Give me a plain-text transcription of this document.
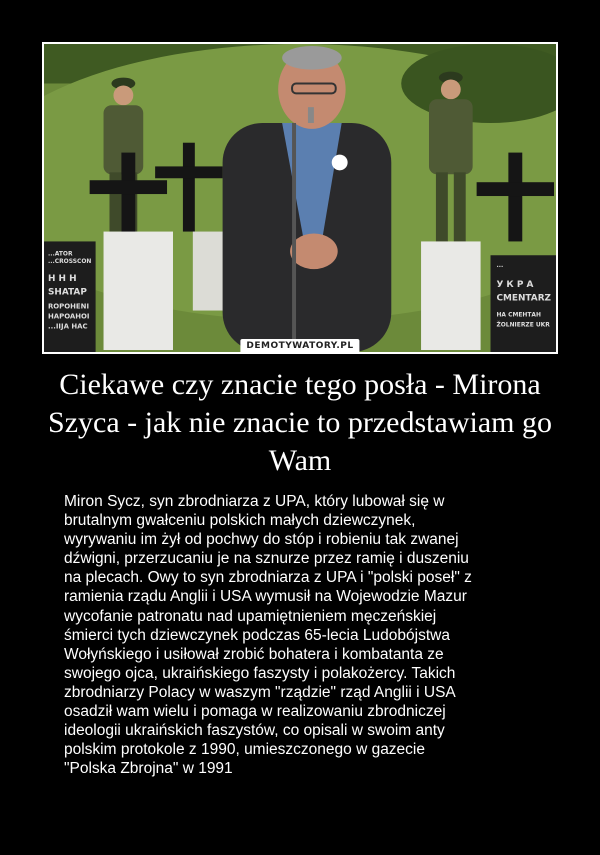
...ATOR
...CROSSCON
H H H
SHATAP
ROPOHENI
HAPOAHOI
...IIJA HAC
...
У К Р А
CMENTARZ
НА СМЕНТАН
ŽOLNIERZE UKR
DEMOTYWATORY.PL
Ciekawe czy znacie tego posła - Mirona Szyca - jak nie znacie to przedstawiam go Wam

Miron Sycz, syn zbrodniarza z UPA, który lubował się w
brutalnym gwałceniu polskich małych dziewczynek,
wyrywaniu im żył od pochwy do stóp i robieniu tak zwanej
dźwigni, przerzucaniu je na sznurze przez ramię i duszeniu
na plecach. Owy to syn zbrodniarza z UPA i "polski poseł" z
ramienia rządu Anglii i USA wymusił na Wojewodzie Mazur
wycofanie patronatu nad upamiętnieniem męczeńskiej
śmierci tych dziewczynek podczas 65-lecia Ludobójstwa
Wołyńskiego i usiłował zrobić bohatera i kombatanta ze
swojego ojca, ukraińskiego faszysty i polakożercy. Takich
zbrodniarzy Polacy w waszym "rządzie" rząd Anglii i USA
osadził wam wielu i pomaga w realizowaniu zbrodniczej
ideologii ukraińskich faszystów, co opisali w swoim anty
polskim protokole z 1990, umieszczonego w gazecie
"Polska Zbrojna" w 1991
